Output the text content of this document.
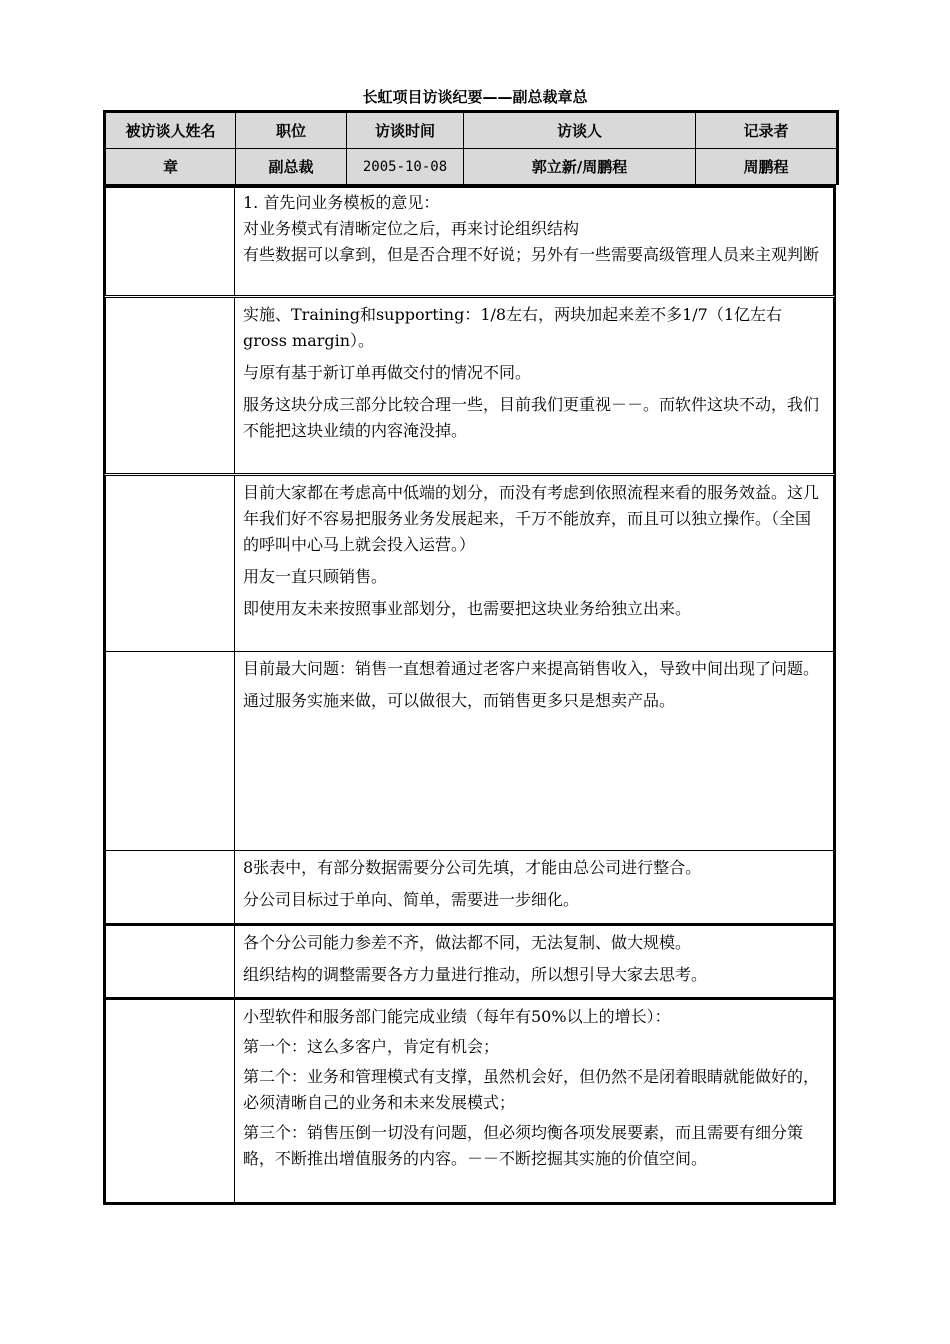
长虹项目访谈纪要——副总裁章总
被访谈人姓名	职位	访谈时间	访谈人	记录者
章	副总裁	2005-10-08	郭立新/周鹏程	周鹏程

1. 首先问业务模板的意见：

对业务模式有清晰定位之后，再来讨论组织结构

有些数据可以拿到，但是否合理不好说；另外有一些需要高级管理人员来主观判断

实施、Training和supporting：1/8左右，两块加起来差不多1/7（1亿左右gross margin）。

与原有基于新订单再做交付的情况不同。

服务这块分成三部分比较合理一些，目前我们更重视－－。而软件这块不动，我们不能把这块业绩的内容淹没掉。

目前大家都在考虑高中低端的划分，而没有考虑到依照流程来看的服务效益。这几年我们好不容易把服务业务发展起来，千万不能放弃，而且可以独立操作。（全国的呼叫中心马上就会投入运营。）

用友一直只顾销售。

即使用友未来按照事业部划分，也需要把这块业务给独立出来。

目前最大问题：销售一直想着通过老客户来提高销售收入，导致中间出现了问题。

通过服务实施来做，可以做很大，而销售更多只是想卖产品。

8张表中，有部分数据需要分公司先填，才能由总公司进行整合。

分公司目标过于单向、简单，需要进一步细化。

各个分公司能力参差不齐，做法都不同，无法复制、做大规模。

组织结构的调整需要各方力量进行推动，所以想引导大家去思考。

小型软件和服务部门能完成业绩（每年有50%以上的增长）：

第一个：这么多客户，肯定有机会；

第二个：业务和管理模式有支撑，虽然机会好，但仍然不是闭着眼睛就能做好的，必须清晰自己的业务和未来发展模式；

第三个：销售压倒一切没有问题，但必须均衡各项发展要素，而且需要有细分策略，不断推出增值服务的内容。－－不断挖掘其实施的价值空间。
